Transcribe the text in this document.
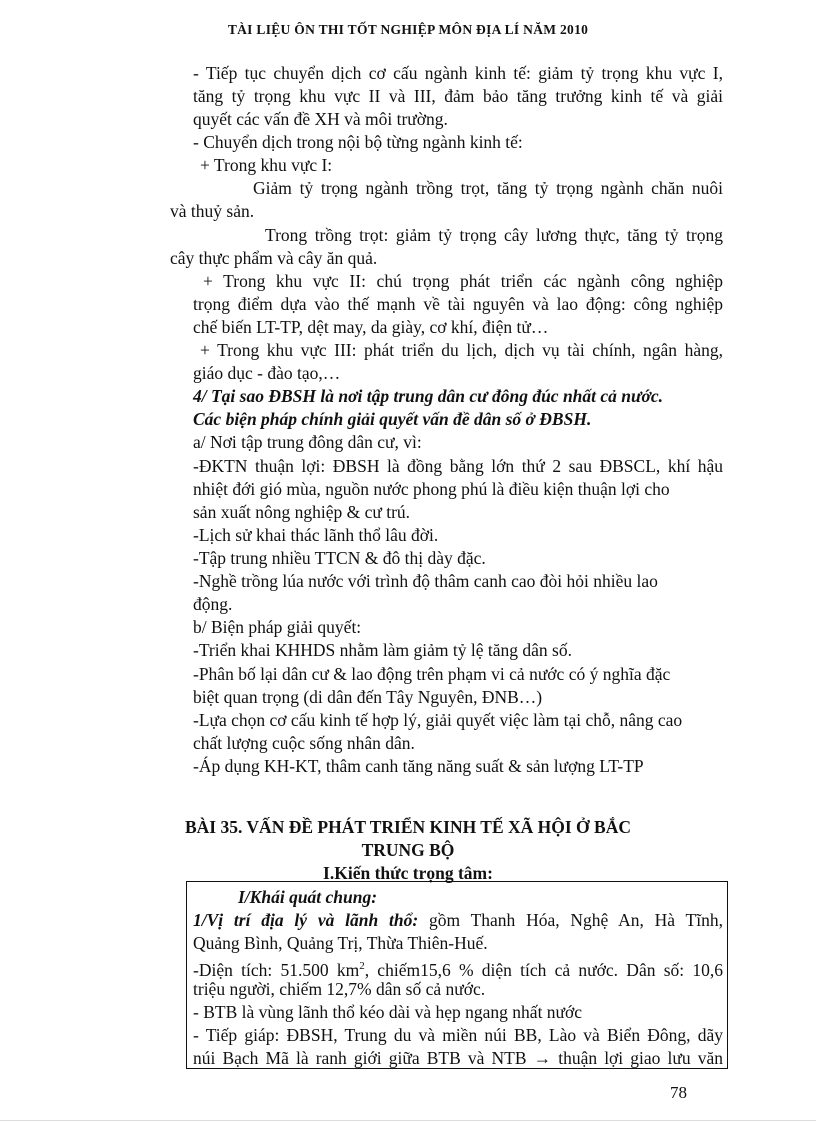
TÀI LIỆU ÔN THI TỐT NGHIỆP MÔN ĐỊA LÍ NĂM 2010
- Tiếp tục chuyển dịch cơ cấu ngành kinh tế: giảm tỷ trọng khu vực I,
tăng tỷ trọng khu vực II và III, đảm bảo tăng trưởng kinh tế và giải
quyết các vấn đề XH và môi trường.
- Chuyển dịch trong nội bộ từng ngành kinh tế:
+ Trong khu vực I:
Giảm tỷ trọng ngành trồng trọt, tăng tỷ trọng ngành chăn nuôi
và thuỷ sản.
Trong trồng trọt: giảm tỷ trọng cây lương thực, tăng tỷ trọng
cây thực phẩm và cây ăn quả.
+ Trong khu vực II: chú trọng phát triển các ngành công nghiệp
trọng điểm dựa vào thế mạnh về tài nguyên và lao động: công nghiệp
chế biến LT-TP, dệt may, da giày, cơ khí, điện tử…
+ Trong khu vực III: phát triển du lịch, dịch vụ tài chính, ngân hàng,
giáo dục - đào tạo,…
4/ Tại sao ĐBSH là nơi tập trung dân cư đông đúc nhất cả nước.
Các biện pháp chính giải quyết vấn đề dân số ở ĐBSH.
a/ Nơi tập trung đông dân cư, vì:
-ĐKTN thuận lợi: ĐBSH là đồng bằng lớn thứ 2 sau ĐBSCL, khí hậu
nhiệt đới gió mùa, nguồn nước phong phú là điều kiện thuận lợi cho
sản xuất nông nghiệp & cư trú.
-Lịch sử khai thác lãnh thổ lâu đời.
-Tập trung nhiều TTCN & đô thị dày đặc.
-Nghề trồng lúa nước với trình độ thâm canh cao đòi hỏi nhiều lao
động.
b/ Biện pháp giải quyết:
-Triển khai KHHDS nhằm làm giảm tỷ lệ tăng dân số.
-Phân bố lại dân cư & lao động trên phạm vi cả nước có ý nghĩa đặc
biệt quan trọng (di dân đến Tây Nguyên, ĐNB…)
-Lựa chọn cơ cấu kinh tế hợp lý, giải quyết việc làm tại chỗ, nâng cao
chất lượng cuộc sống nhân dân.
-Áp dụng KH-KT, thâm canh tăng năng suất & sản lượng LT-TP
BÀI 35. VẤN ĐỀ PHÁT TRIỂN KINH TẾ XÃ HỘI Ở BẮC
TRUNG BỘ
I.Kiến thức trọng tâm:
I/Khái quát chung:
1/Vị trí địa lý và lãnh thổ: gồm Thanh Hóa, Nghệ An, Hà Tĩnh,
Quảng Bình, Quảng Trị, Thừa Thiên-Huế.
-Diện tích: 51.500 $km^2$, chiếm15,6 % diện tích cả nước. Dân số: 10,6
triệu người, chiếm 12,7% dân số cả nước.
- BTB là vùng lãnh thổ kéo dài và hẹp ngang nhất nước
- Tiếp giáp: ĐBSH, Trung du và miền núi BB, Lào và Biển Đông, dãy
núi Bạch Mã là ranh giới giữa BTB và NTB → thuận lợi giao lưu văn
78
